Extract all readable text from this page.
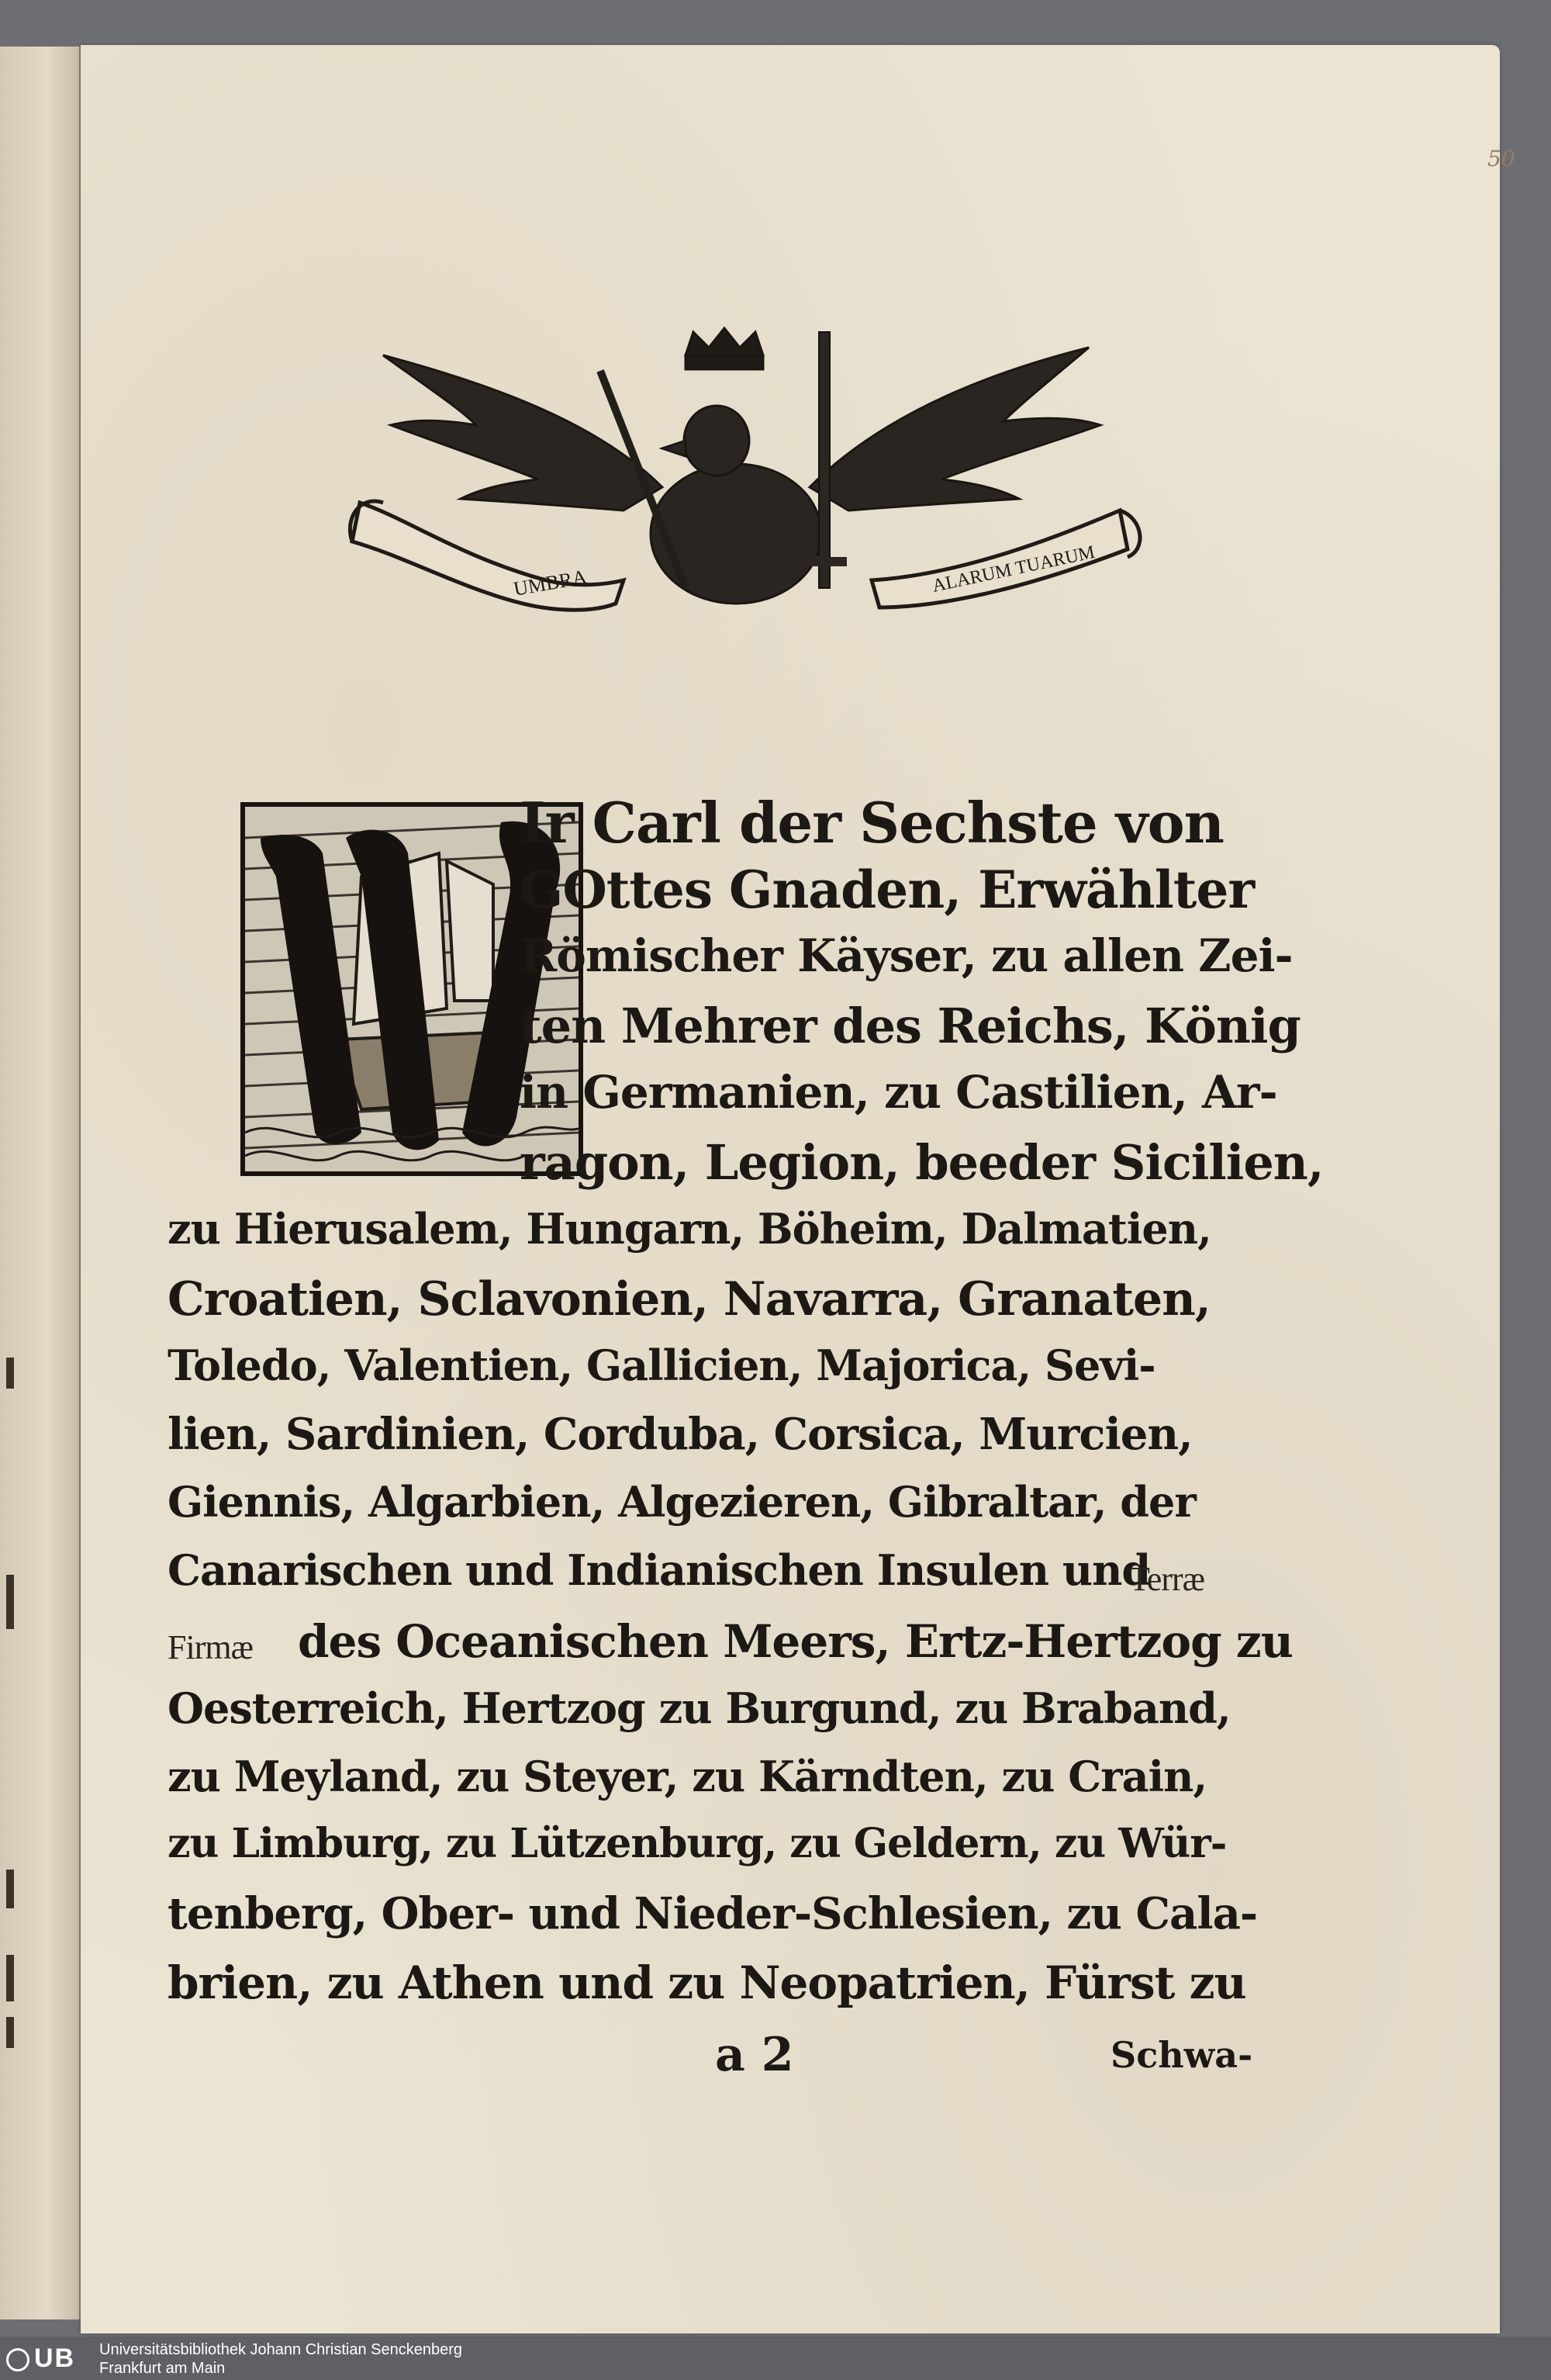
50
UMBRA	ALARUM TUARUM
Ir Carl der Sechste von
GOttes Gnaden, Erwählter
Römischer Käyser, zu allen Zei-
ten Mehrer des Reichs, König
in Germanien, zu Castilien, Ar-
ragon, Legion, beeder Sicilien,
zu Hierusalem, Hungarn, Böheim, Dalmatien,
Croatien, Sclavonien, Navarra, Granaten,
Toledo, Valentien, Gallicien, Majorica, Sevi-
lien, Sardinien, Corduba, Corsica, Murcien,
Giennis, Algarbien, Algezieren, Gibraltar, der
Canarischen und Indianischen Insulen und
Terræ
Firmæ des Oceanischen Meers, Ertz-Hertzog zu
Oesterreich, Hertzog zu Burgund, zu Braband,
zu Meyland, zu Steyer, zu Kärndten, zu Crain,
zu Limburg, zu Lützenburg, zu Geldern, zu Wür-
tenberg, Ober- und Nieder-Schlesien, zu Cala-
brien, zu Athen und zu Neopatrien, Fürst zu
a 2	Schwa-
UB	Universitätsbibliothek Johann Christian Senckenberg
Frankfurt am Main
